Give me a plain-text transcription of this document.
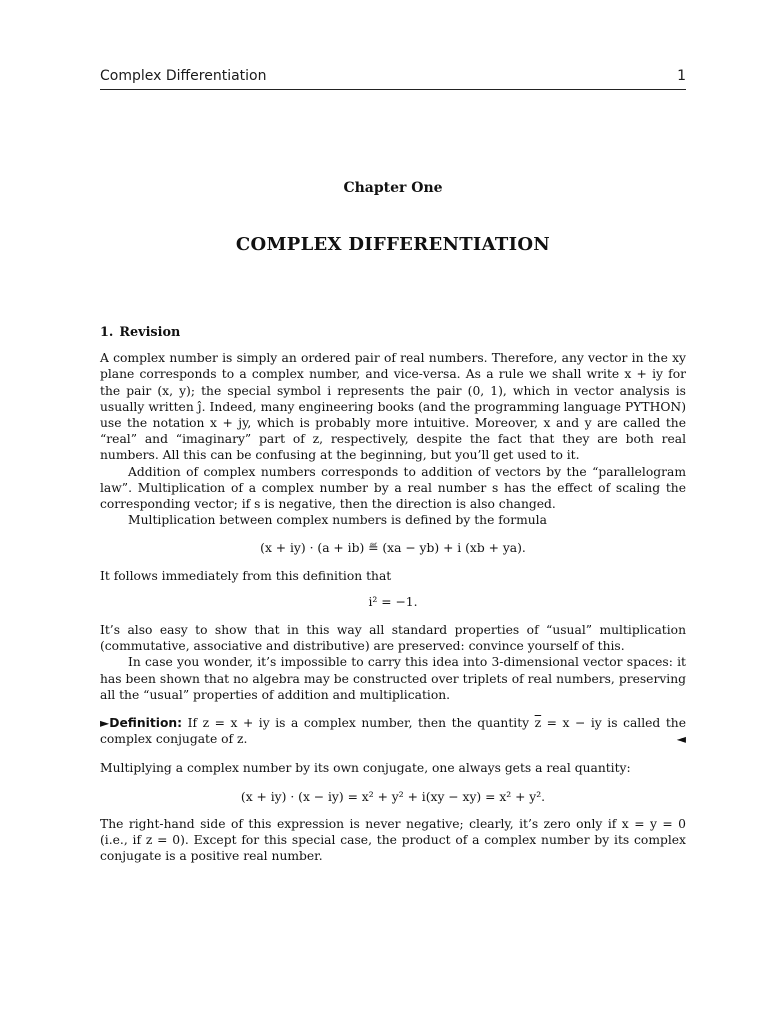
Complex Differentiation	1
Chapter One
COMPLEX DIFFERENTIATION
1. Revision

A complex number is simply an ordered pair of real numbers. Therefore, any vector in the xy plane corresponds to a complex number, and vice-versa. As a rule we shall write x + iy for the pair (x, y); the special symbol i represents the pair (0, 1), which in vector analysis is usually written ĵ. Indeed, many engineering books (and the programming language PYTHON) use the notation x + jy, which is probably more intuitive. Moreover, x and y are called the “real” and “imaginary” part of z, respectively, despite the fact that they are both real numbers. All this can be confusing at the beginning, but you’ll get used to it.

Addition of complex numbers corresponds to addition of vectors by the “parallelogram law”. Multiplication of a complex number by a real number s has the effect of scaling the corresponding vector; if s is negative, then the direction is also changed.

Multiplication between complex numbers is defined by the formula

(x + iy) · (a + ib) ≝ (xa − yb) + i (xb + ya).

It follows immediately from this definition that

i² = −1.

It’s also easy to show that in this way all standard properties of “usual” multiplication (commutative, associative and distributive) are preserved: convince yourself of this.

In case you wonder, it’s impossible to carry this idea into 3-dimensional vector spaces: it has been shown that no algebra may be constructed over triplets of real numbers, preserving all the “usual” properties of addition and multiplication.

►Definition: If z = x + iy is a complex number, then the quantity $\overline{z} = x$ − iy is called the complex conjugate of z.	◄

Multiplying a complex number by its own conjugate, one always gets a real quantity:

(x + iy) · (x − iy) = x² + y² + i(xy − xy) = x² + y².

The right-hand side of this expression is never negative; clearly, it’s zero only if x = y = 0 (i.e., if z = 0). Except for this special case, the product of a complex number by its complex conjugate is a positive real number.
